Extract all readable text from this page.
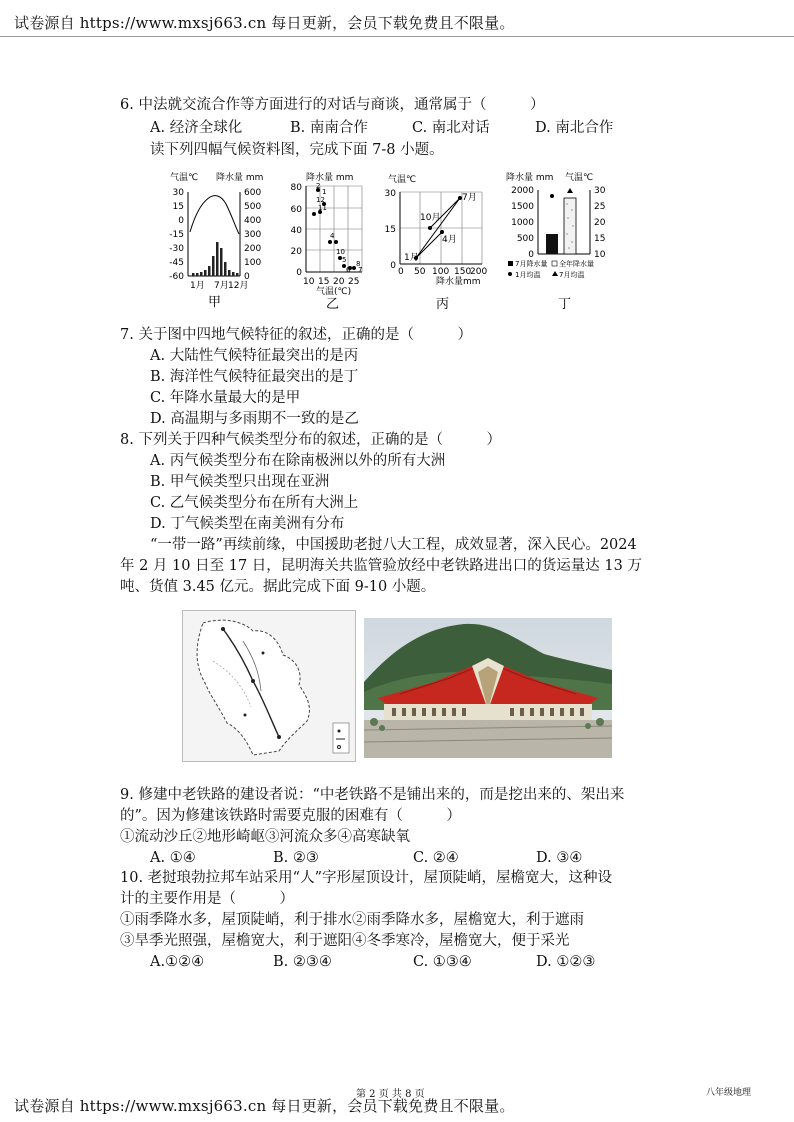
试卷源自 https://www.mxsj663.cn 每日更新，会员下载免费且不限量。
6. 中法就交流合作等方面进行的对话与商谈，通常属于（　　　）
A. 经济全球化	B. 南南合作	C. 南北对话	D. 南北合作
读下列四幅气候资料图，完成下面 7-8 小题。
气温℃ 降水量 mm
30
15
0
-15
-30
-45
-60
600
500
400
300
200
100
0
1月 7月 12月
甲
降水量 mm
80
60
40
20
0
2
1
12
11
4
10
5
6
8
7
10 15 20 25
气温(℃)
乙
气温℃
30
15
0
7月
10月
4月
1月
0 50 100 150
200
降水量mm
丙
降水量 mm 气温℃
2000
1500
1000
500
0
30
25
20
15
10
7月降水量 全年降水量
1月均温	7月均温
丁
7. 关于图中四地气候特征的叙述，正确的是（　　　）
A. 大陆性气候特征最突出的是丙
B. 海洋性气候特征最突出的是丁
C. 年降水量最大的是甲
D. 高温期与多雨期不一致的是乙
8. 下列关于四种气候类型分布的叙述，正确的是（　　　）
A. 丙气候类型分布在除南极洲以外的所有大洲
B. 甲气候类型只出现在亚洲
C. 乙气候类型分布在所有大洲上
D. 丁气候类型在南美洲有分布
“一带一路”再续前缘，中国援助老挝八大工程，成效显著，深入民心。2024
年 2 月 10 日至 17 日，昆明海关共监管验放经中老铁路进出口的货运量达 13 万
吨、货值 3.45 亿元。据此完成下面 9-10 小题。
9. 修建中老铁路的建设者说：“中老铁路不是铺出来的，而是挖出来的、架出来
的”。因为修建该铁路时需要克服的困难有（　　　）
①流动沙丘②地形崎岖③河流众多④高寒缺氧
A. ①④	B. ②③	C. ②④	D. ③④
10. 老挝琅勃拉邦车站采用“人”字形屋顶设计，屋顶陡峭，屋檐宽大，这种设
计的主要作用是（　　　）
①雨季降水多，屋顶陡峭，利于排水②雨季降水多，屋檐宽大，利于遮雨
③旱季光照强，屋檐宽大，利于遮阳④冬季寒冷，屋檐宽大，便于采光
A.①②④	B. ②③④	C. ①③④	D. ①②③
第 2 页 共 8 页	八年级地理
试卷源自 https://www.mxsj663.cn 每日更新，会员下载免费且不限量。
